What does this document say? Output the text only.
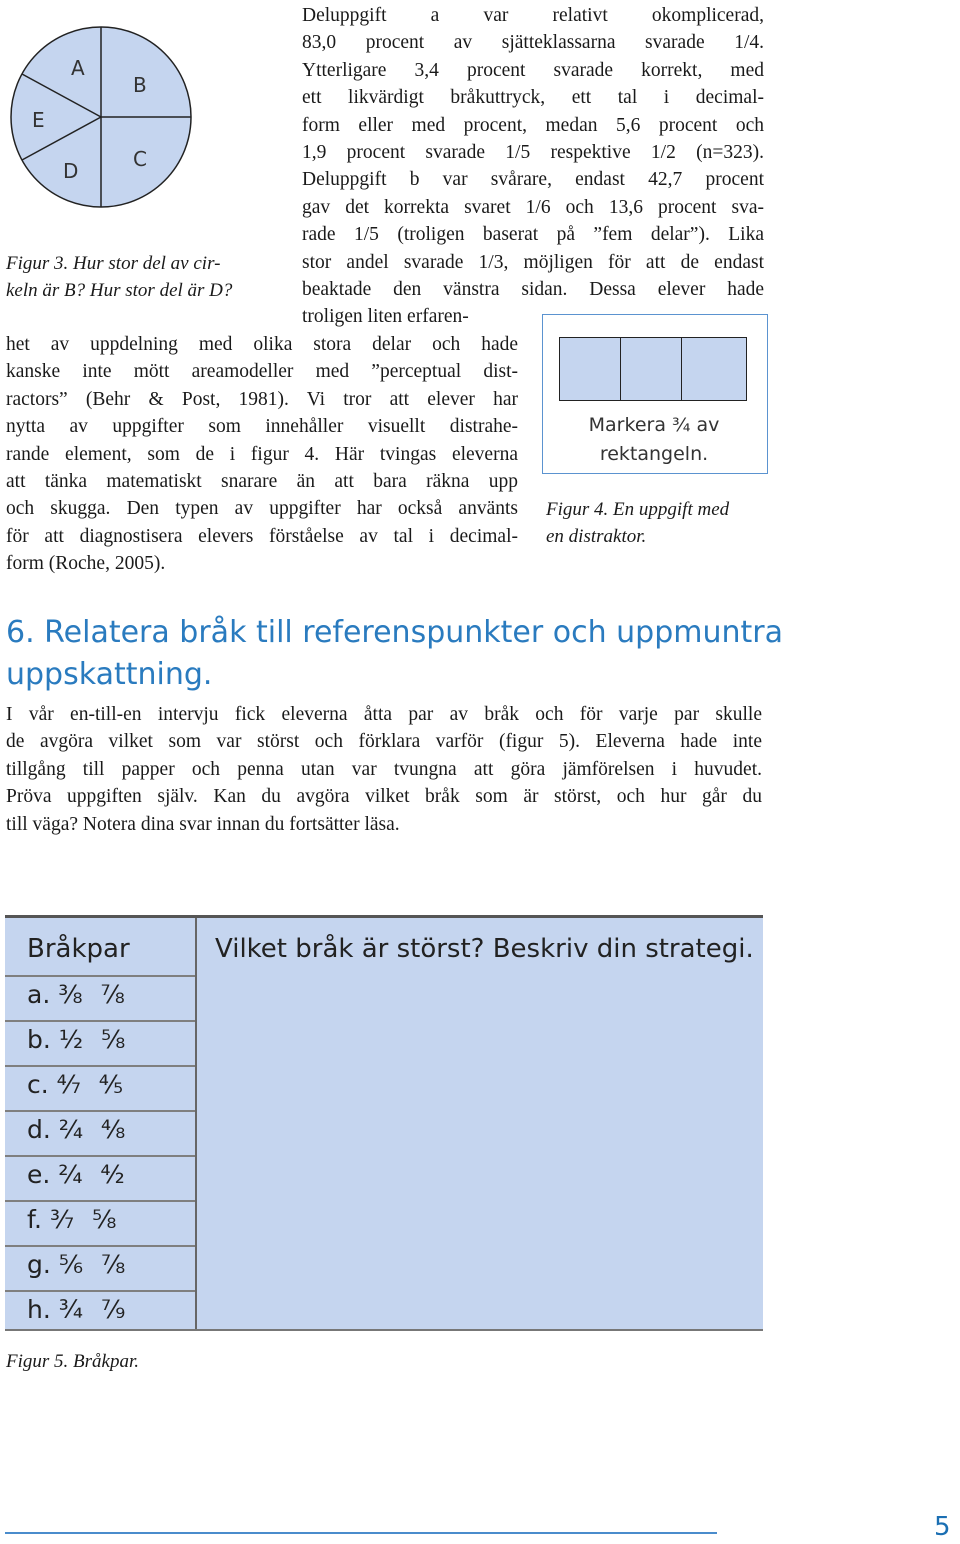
A
B
C
D
E
Figur 3. Hur stor del av cir-
keln är B? Hur stor del är D?
Deluppgift a var relativt okomplicerad,
83,0 procent av sjätteklassarna svarade 1/4.
Ytterligare 3,4 procent svarade korrekt, med
ett likvärdigt bråkuttryck, ett tal i decimal-
form eller med procent, medan 5,6 procent och
1,9 procent svarade 1/5 respektive 1/2 (n=323).
Deluppgift b var svårare, endast 42,7 procent
gav det korrekta svaret 1/6 och 13,6 procent sva-
rade 1/5 (troligen baserat på ”fem delar”). Lika
stor andel svarade 1/3, möjligen för att de endast
beaktade den vänstra sidan. Dessa elever hade
troligen liten erfaren-
het av uppdelning med olika stora delar och hade
kanske inte mött areamodeller med ”perceptual dist-
ractors” (Behr & Post, 1981). Vi tror att elever har
nytta av uppgifter som innehåller visuellt distrahe-
rande element, som de i figur 4. Här tvingas eleverna
att tänka matematiskt snarare än att bara räkna upp
och skugga. Den typen av uppgifter har också använts
för att diagnostisera elevers förståelse av tal i decimal-
form (Roche, 2005).
Markera ¾ av
rektangeln.
Figur 4. En uppgift med
en distraktor.
6. Relatera bråk till referenspunkter och uppmuntra
uppskattning.
I vår en-till-en intervju fick eleverna åtta par av bråk och för varje par skulle
de avgöra vilket som var störst och förklara varför (figur 5). Eleverna hade inte
tillgång till papper och penna utan var tvungna att göra jämförelsen i huvudet.
Pröva uppgiften själv. Kan du avgöra vilket bråk som är störst, och hur går du
till väga? Notera dina svar innan du fortsätter läsa.
Bråkpar	Vilket bråk är störst? Beskriv din strategi.
a. ³⁄₈ ⁷⁄₈
b. ½ ⁵⁄₈
c. ⁴⁄₇ ⁴⁄₅
d. ²⁄₄ ⁴⁄₈
e. ²⁄₄ ⁴⁄₂
f. ³⁄₇ ⁵⁄₈
g. ⁵⁄₆ ⁷⁄₈
h. ¾ ⁷⁄₉
Figur 5. Bråkpar.
5
